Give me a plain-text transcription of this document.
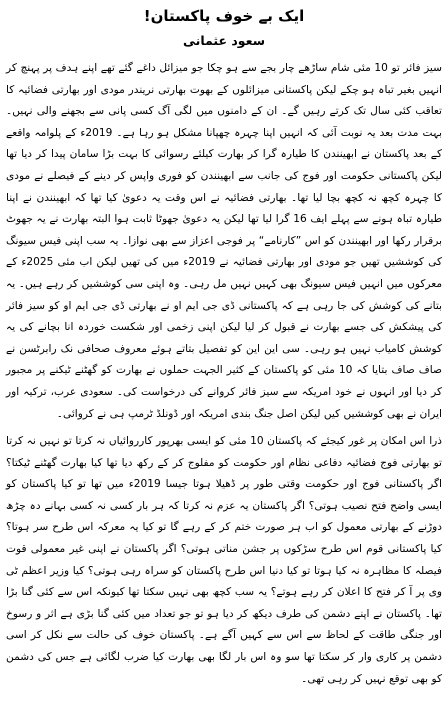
ایک بے خوف پاکستان!
سعود عثمانی

سیز فائر تو 10 مئی شام ساڑھے چار بجے سے ہو چکا جو میزائل داغے گئے تھے اپنے ہدف پر پہنچ کر انہیں بغیر تباہ ہو چکے لیکن پاکستانی میزائلوں کے بھوت بھارتی نریندر مودی اور بھارتی فضائیہ کا تعاقب کئی سال تک کرتے رہیں گے۔ ان کے دامنوں میں لگی آگ کسی پانی سے بجھنے والی نہیں۔ بہت مدت بعد یہ نوبت آئی کہ انہیں اپنا چہرہ چھپانا مشکل ہو رہا ہے۔ 2019ء کے پلوامہ واقعے کے بعد پاکستان نے ابھینندن کا طیارہ گرا کر بھارت کیلئے رسوائی کا بہت بڑا سامان پیدا کر دیا تھا لیکن پاکستانی حکومت اور فوج کی جانب سے ابھینندن کو فوری واپس کر دینے کے فیصلے نے مودی کا چہرہ کچھ نہ کچھ بچا لیا تھا۔ بھارتی فضائیہ نے اس وقت یہ دعویٰ کیا تھا کہ ابھینندن نے اپنا طیارہ تباہ ہونے سے پہلے ایف 16 گرا لیا تھا لیکن یہ دعویٰ جھوٹا ثابت ہوا البتہ بھارت نے یہ جھوٹ برقرار رکھا اور ابھینندن کو اس ”کارنامے“ پر فوجی اعزاز سے بھی نوازا۔ یہ سب اپنی فیس سیونگ کی کوششیں تھیں جو مودی اور بھارتی فضائیہ نے 2019ء میں کی تھیں لیکن اب مئی 2025ء کے معرکوں میں انہیں فیس سیونگ بھی کہیں نہیں مل رہی۔ وہ اپنی سی کوششیں کر رہے ہیں۔ یہ بتانے کی کوشش کی جا رہی ہے کہ پاکستانی ڈی جی ایم او نے بھارتی ڈی جی ایم او کو سیز فائر کی پیشکش کی جسے بھارت نے قبول کر لیا لیکن اپنی زخمی اور شکست خوردہ انا بچانے کی یہ کوشش کامیاب نہیں ہو رہی۔ سی این این کو تفصیل بتاتے ہوئے معروف صحافی نک رابرٹسن نے صاف صاف بتایا کہ 10 مئی کو پاکستان کے کثیر الجہت حملوں نے بھارت کو گھٹنے ٹیکنے پر مجبور کر دیا اور انہوں نے خود امریکہ سے سیز فائر کروانے کی درخواست کی۔ سعودی عرب، ترکیہ اور ایران نے بھی کوششیں کیں لیکن اصل جنگ بندی امریکہ اور ڈونلڈ ٹرمپ ہی نے کروائی۔

ذرا اس امکان پر غور کیجئے کہ پاکستان 10 مئی کو ایسی بھرپور کارروائیاں نہ کرتا تو نہیں نہ کرتا تو بھارتی فوج فضائیہ دفاعی نظام اور حکومت کو مفلوج کر کے رکھ دیا تھا کیا بھارت گھٹنے ٹیکتا؟ اگر پاکستانی فوج اور حکومت وقتی طور پر ڈھیلا ہوتا جیسا 2019ء میں تھا تو کیا پاکستان کو ایسی واضح فتح نصیب ہوتی؟ اگر پاکستان یہ عزم نہ کرتا کہ ہر بار کسی نہ کسی بہانے دہ چڑھ دوڑنے کے بھارتی معمول کو اب ہر صورت ختم کر کے رہے گا تو کیا یہ معرکہ اس طرح سر ہوتا؟ کیا پاکستانی قوم اس طرح سڑکوں پر جشن مناتی ہوتی؟ اگر پاکستان نے اپنی غیر معمولی قوت فیصلہ کا مظاہرہ نہ کیا ہوتا تو کیا دنیا اس طرح پاکستان کو سراہ رہی ہوتی؟ کیا وزیر اعظم ٹی وی پر آ کر فتح کا اعلان کر رہے ہوتے؟ یہ سب کچھ بھی نہیں سکتا تھا کیونکہ اس سے کئی گنا بڑا تھا۔ پاکستان نے اپنے دشمن کی طرف دیکھ کر دیا ہو تو جو تعداد میں کئی گنا بڑی ہے اثر و رسوخ اور جنگی طاقت کے لحاظ سے اس سے کہیں آگے ہے۔ پاکستان خوف کی حالت سے نکل کر اسی دشمن پر کاری وار کر سکتا تھا سو وہ اس بار لگا بھی بھارت کیا ضرب لگائی ہے جس کی دشمن کو بھی توقع نہیں کر رہی تھی۔
